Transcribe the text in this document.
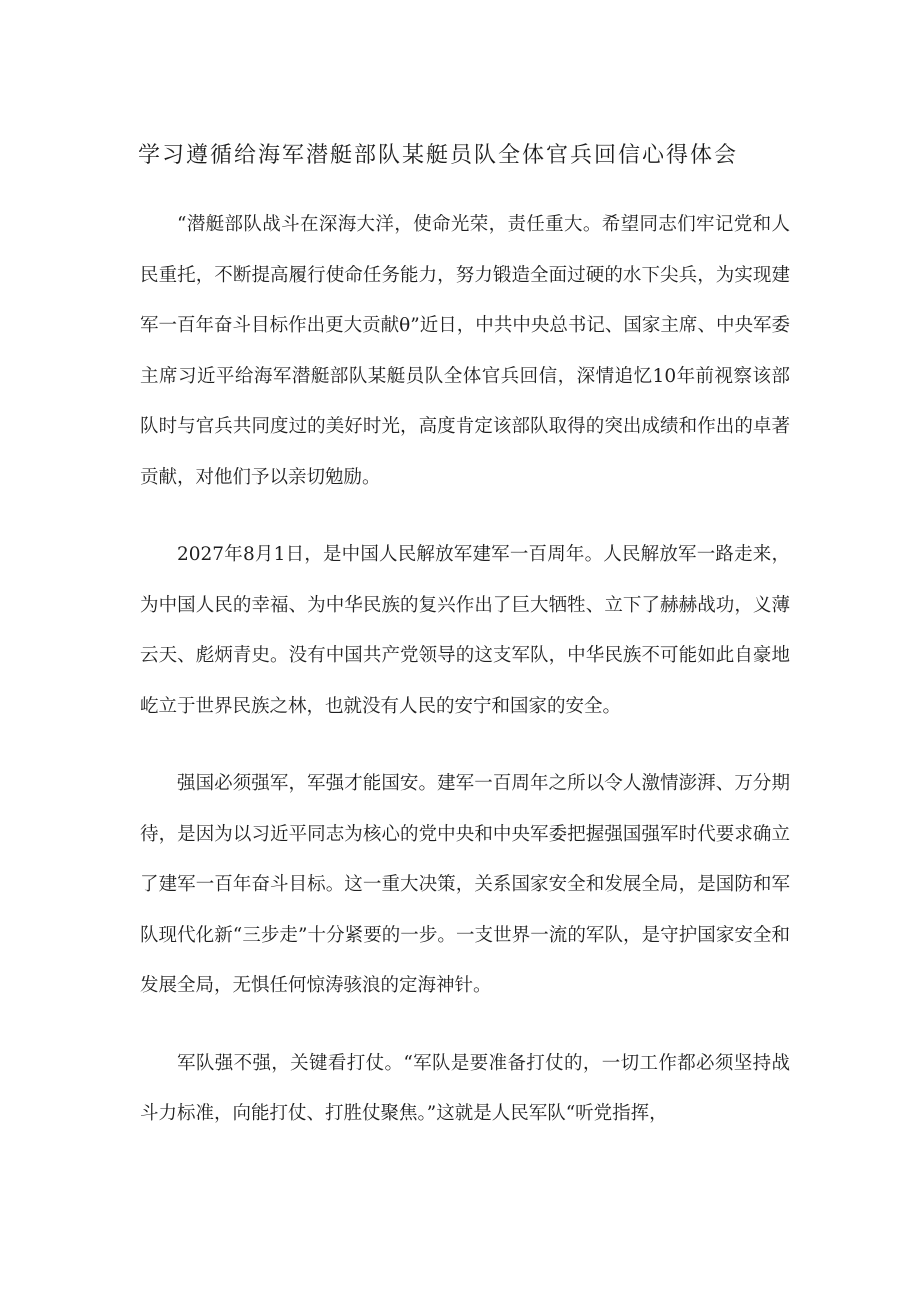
学习遵循给海军潜艇部队某艇员队全体官兵回信心得体会

“潜艇部队战斗在深海大洋，使命光荣，责任重大。希望同志们牢记党和人民重托，不断提高履行使命任务能力，努力锻造全面过硬的水下尖兵，为实现建军一百年奋斗目标作出更大贡献θ”近日，中共中央总书记、国家主席、中央军委主席习近平给海军潜艇部队某艇员队全体官兵回信，深情追忆10年前视察该部队时与官兵共同度过的美好时光，高度肯定该部队取得的突出成绩和作出的卓著贡献，对他们予以亲切勉励。

2027年8月1日，是中国人民解放军建军一百周年。人民解放军一路走来，为中国人民的幸福、为中华民族的复兴作出了巨大牺牲、立下了赫赫战功，义薄云天、彪炳青史。没有中国共产党领导的这支军队，中华民族不可能如此自豪地屹立于世界民族之林，也就没有人民的安宁和国家的安全。

强国必须强军，军强才能国安。建军一百周年之所以令人激情澎湃、万分期待，是因为以习近平同志为核心的党中央和中央军委把握强国强军时代要求确立了建军一百年奋斗目标。这一重大决策，关系国家安全和发展全局，是国防和军队现代化新“三步走”十分紧要的一步。一支世界一流的军队，是守护国家安全和发展全局，无惧任何惊涛骇浪的定海神针。

军队强不强，关键看打仗。“军队是要准备打仗的，一切工作都必须坚持战斗力标准，向能打仗、打胜仗聚焦。”这就是人民军队“听党指挥，
